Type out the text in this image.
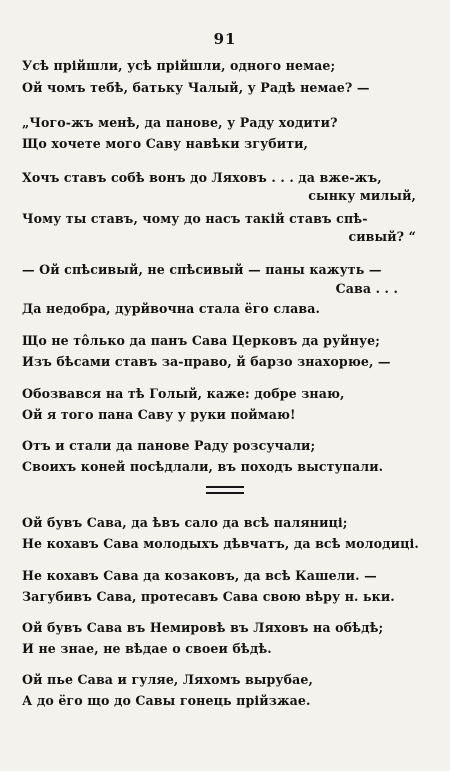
91
Усѣ прійшли, усѣ прійшли, одного немае;
Ой чомъ тебѣ, батьку Чалый, у Радѣ немае? —
„Чого-жъ менѣ, да панове, у Раду ходити?
Що хочете мого Саву навѣки згубити,
Хочъ ставъ собѣ вонъ до Ляховъ . . . да вже-жъ,
сынку милый,
Чому ты ставъ, чому до насъ такій ставъ спѣ-
сивый? “
— Ой спѣсивый, не спѣсивый — паны кажуть —
Сава . . .
Да недобра, дурйвочна стала ёго слава.
Що не тôлько да панъ Сава Церковъ да руйнуе;
Изъ бѣсами ставъ за-право, й барзо знахорюе, —
Обозвався на тѣ Голый, каже: добре знаю,
Ой я того пана Саву у руки поймаю!
Отъ и стали да панове Раду розсучали;
Своихъ коней посѣдлали, въ походъ выступали.
Ой бувъ Сава, да ѣвъ сало да всѣ паляниці;
Не кохавъ Сава молодыхъ дѣвчатъ, да всѣ молодиці.
Не кохавъ Сава да козаковъ, да всѣ Кашели. —
Загубивъ Сава, протесавъ Сава свою вѣру н. ьки.
Ой бувъ Сава въ Немировѣ въ Ляховъ на обѣдѣ;
И не знае, не вѣдае о своеи бѣдѣ.
Ой пье Сава и гуляе, Ляхомъ вырубае,
А до ёго що до Савы гонець прійзжае.
